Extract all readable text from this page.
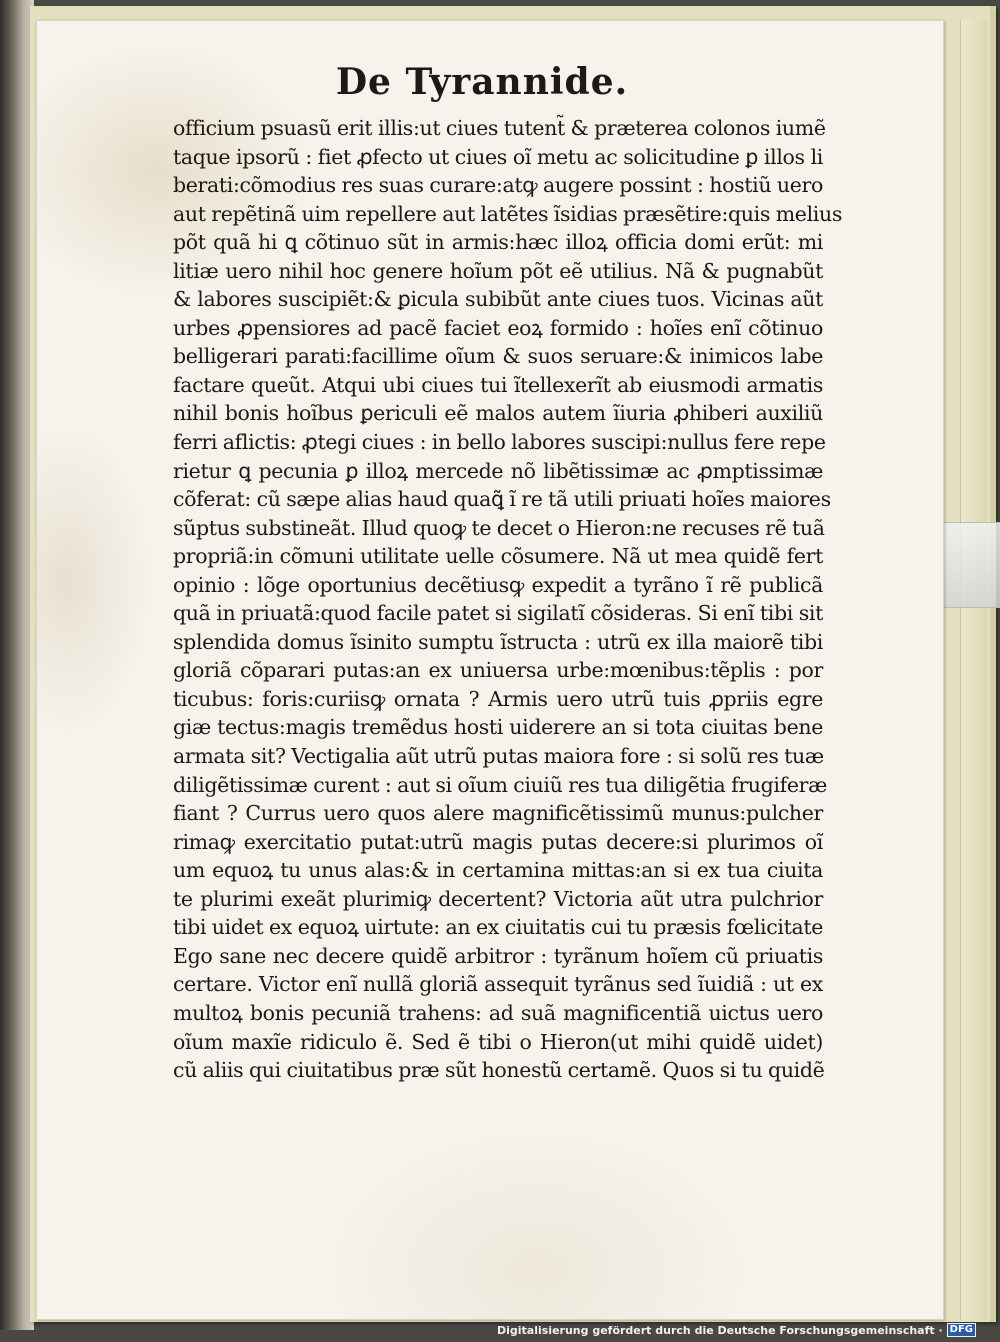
De Tyrannide.
officium psuasũ erit illis:ut ciues tutent̃ & præterea colonos iumẽ
taque ipsorũ : fiet ꝓfecto ut ciues oĩ metu ac solicitudine ꝑ illos li
berati:cõmodius res suas curare:atꝙ augere possint : hostiũ uero
aut repẽtinã uim repellere aut latẽtes ĩsidias præsẽtire:quis melius
põt quã hi ꝗ cõtinuo sũt in armis:hæc illoꝝ officia domi erũt: mi
litiæ uero nihil hoc genere hoĩum põt eẽ utilius. Nã & pugnabũt
& labores suscipiẽt:& ꝑicula subibũt ante ciues tuos. Vicinas aũt
urbes ꝓpensiores ad pacẽ faciet eoꝝ formido : hoĩes enĩ cõtinuo
belligerari parati:facillime oĩum & suos seruare:& inimicos labe
factare queũt. Atqui ubi ciues tui ĩtellexerĩt ab eiusmodi armatis
nihil bonis hoĩbus ꝑericuli eẽ malos autem ĩiuria ꝓhiberi auxiliũ
ferri aflictis: ꝓtegi ciues : in bello labores suscipi:nullus fere repe
rietur ꝗ pecunia ꝑ illoꝝ mercede nõ libẽtissimæ ac ꝓmptissimæ
cõferat: cũ sæpe alias haud quaꝗ̃ ĩ re tã utili priuati hoĩes maiores
sũptus substineãt. Illud quoꝙ te decet o Hieron:ne recuses rẽ tuã
propriã:in cõmuni utilitate uelle cõsumere. Nã ut mea quidẽ fert
opinio : lõge oportunius decẽtiusꝙ expedit a tyrãno ĩ rẽ publicã
quã in priuatã:quod facile patet si sigilatĩ cõsideras. Si enĩ tibi sit
splendida domus ĩsinito sumptu ĩstructa : utrũ ex illa maiorẽ tibi
gloriã cõparari putas:an ex uniuersa urbe:mœnibus:tẽplis : por
ticubus: foris:curiisꝙ ornata ? Armis uero utrũ tuis ꝓpriis egre
giæ tectus:magis tremẽdus hosti uiderere an si tota ciuitas bene
armata sit? Vectigalia aũt utrũ putas maiora fore : si solũ res tuæ
diligẽtissimæ curent : aut si oĩum ciuiũ res tua diligẽtia frugiferæ
fiant ? Currus uero quos alere magnificẽtissimũ munus:pulcher
rimaꝙ exercitatio putat:utrũ magis putas decere:si plurimos oĩ
um equoꝝ tu unus alas:& in certamina mittas:an si ex tua ciuita
te plurimi exeãt plurimiꝙ decertent? Victoria aũt utra pulchrior
tibi uidet ex equoꝝ uirtute: an ex ciuitatis cui tu præsis fœlicitate
Ego sane nec decere quidẽ arbitror : tyrãnum hoĩem cũ priuatis
certare. Victor enĩ nullã gloriã assequit tyrãnus sed ĩuidiã : ut ex
multoꝝ bonis pecuniã trahens: ad suã magnificentiã uictus uero
oĩum maxĩe ridiculo ẽ. Sed ẽ tibi o Hieron(ut mihi quidẽ uidet)
cũ aliis qui ciuitatibus præ sũt honestũ certamẽ. Quos si tu quidẽ
Digitalisierung gefördert durch die Deutsche Forschungsgemeinschaft · DFG
